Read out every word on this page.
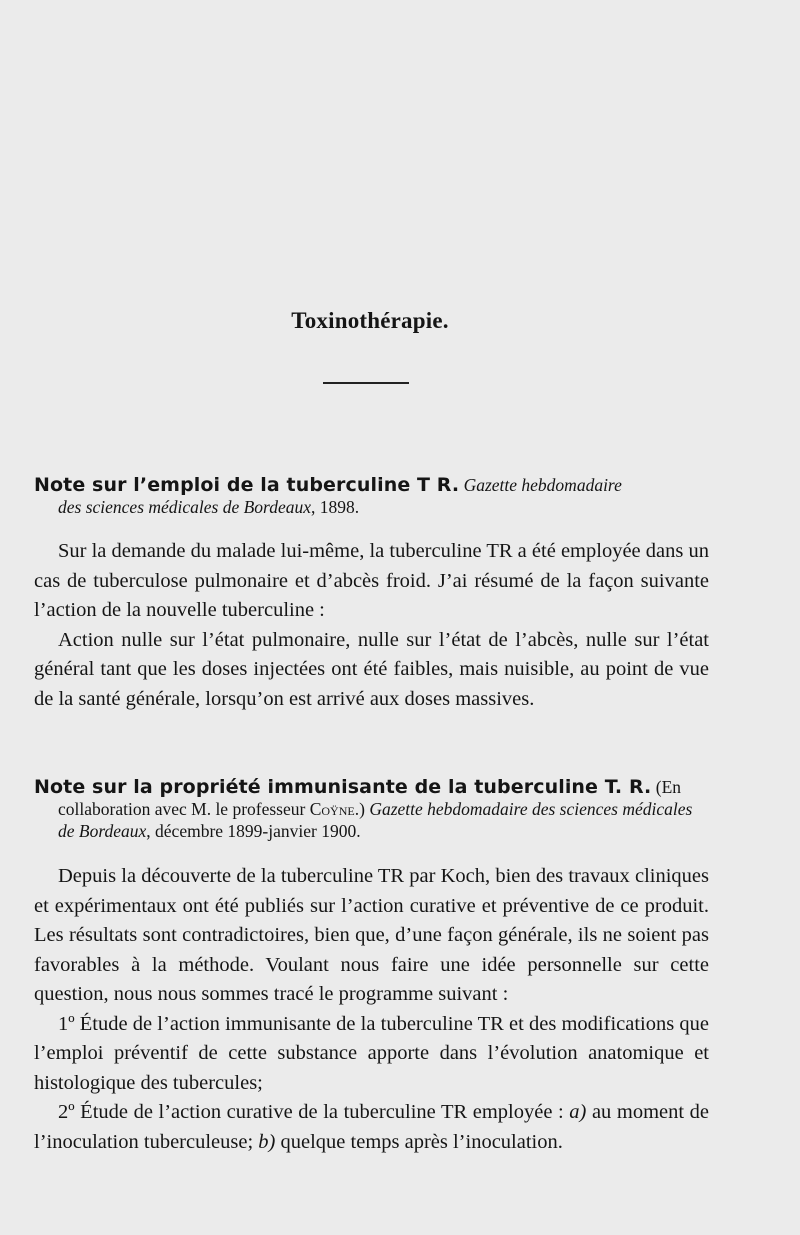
Toxinothérapie.
Note sur l’emploi de la tuberculine T R. Gazette hebdomadaire
des sciences médicales de Bordeaux, 1898.

Sur la demande du malade lui-même, la tuberculine TR a été employée dans un cas de tuberculose pulmonaire et d’abcès froid. J’ai résumé de la façon suivante l’action de la nouvelle tuberculine :

Action nulle sur l’état pulmonaire, nulle sur l’état de l’abcès, nulle sur l’état général tant que les doses injectées ont été faibles, mais nuisible, au point de vue de la santé générale, lorsqu’on est arrivé aux doses massives.

Note sur la propriété immunisante de la tuberculine T. R. (En
collaboration avec M. le professeur Coÿne.) Gazette hebdomadaire des sciences médicales de Bordeaux, décembre 1899-janvier 1900.

Depuis la découverte de la tuberculine TR par Koch, bien des travaux cliniques et expérimentaux ont été publiés sur l’action curative et préventive de ce produit. Les résultats sont contradictoires, bien que, d’une façon générale, ils ne soient pas favorables à la méthode. Voulant nous faire une idée personnelle sur cette question, nous nous sommes tracé le programme suivant :

1º Étude de l’action immunisante de la tuberculine TR et des modifications que l’emploi préventif de cette substance apporte dans l’évolution anatomique et histologique des tubercules;

2º Étude de l’action curative de la tuberculine TR employée : a) au moment de l’inoculation tuberculeuse; b) quelque temps après l’inoculation.
